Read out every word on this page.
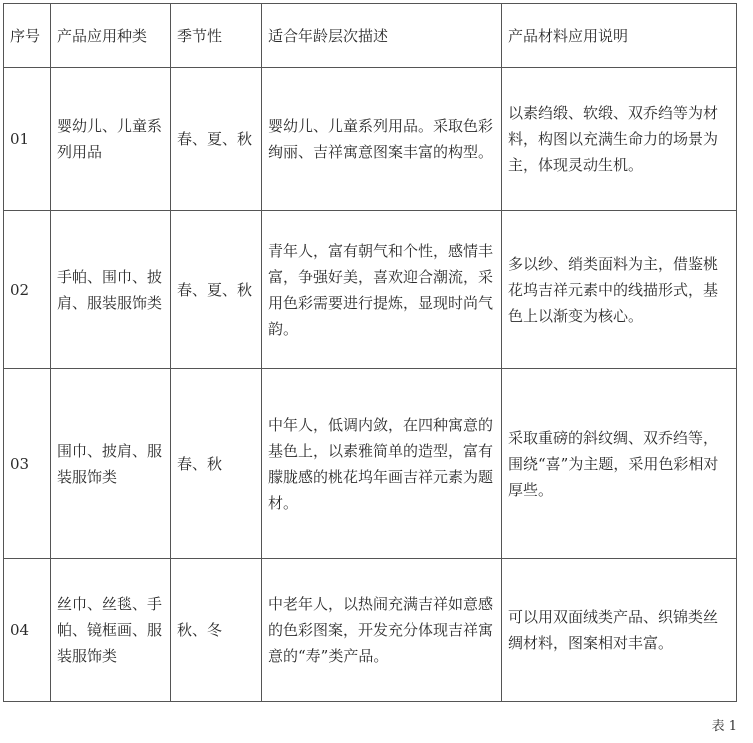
序号	产品应用种类	季节性	适合年龄层次描述	产品材料应用说明
01	婴幼儿、儿童系列用品	春、夏、秋	婴幼儿、儿童系列用品。采取色彩绚丽、吉祥寓意图案丰富的构型。	以素绉缎、软缎、双乔绉等为材料，构图以充满生命力的场景为主，体现灵动生机。
02	手帕、围巾、披肩、服装服饰类	春、夏、秋	青年人，富有朝气和个性，感情丰富，争强好美，喜欢迎合潮流，采用色彩需要进行提炼，显现时尚气韵。	多以纱、绡类面料为主，借鉴桃花坞吉祥元素中的线描形式，基色上以渐变为核心。
03	围巾、披肩、服装服饰类	春、秋	中年人，低调内敛，在四种寓意的基色上，以素雅简单的造型，富有朦胧感的桃花坞年画吉祥元素为题材。	采取重磅的斜纹绸、双乔绉等，围绕“喜”为主题，采用色彩相对厚些。
04	丝巾、丝毯、手帕、镜框画、服装服饰类	秋、冬	中老年人，以热闹充满吉祥如意感的色彩图案，开发充分体现吉祥寓意的“寿”类产品。	可以用双面绒类产品、织锦类丝绸材料，图案相对丰富。
表 1
